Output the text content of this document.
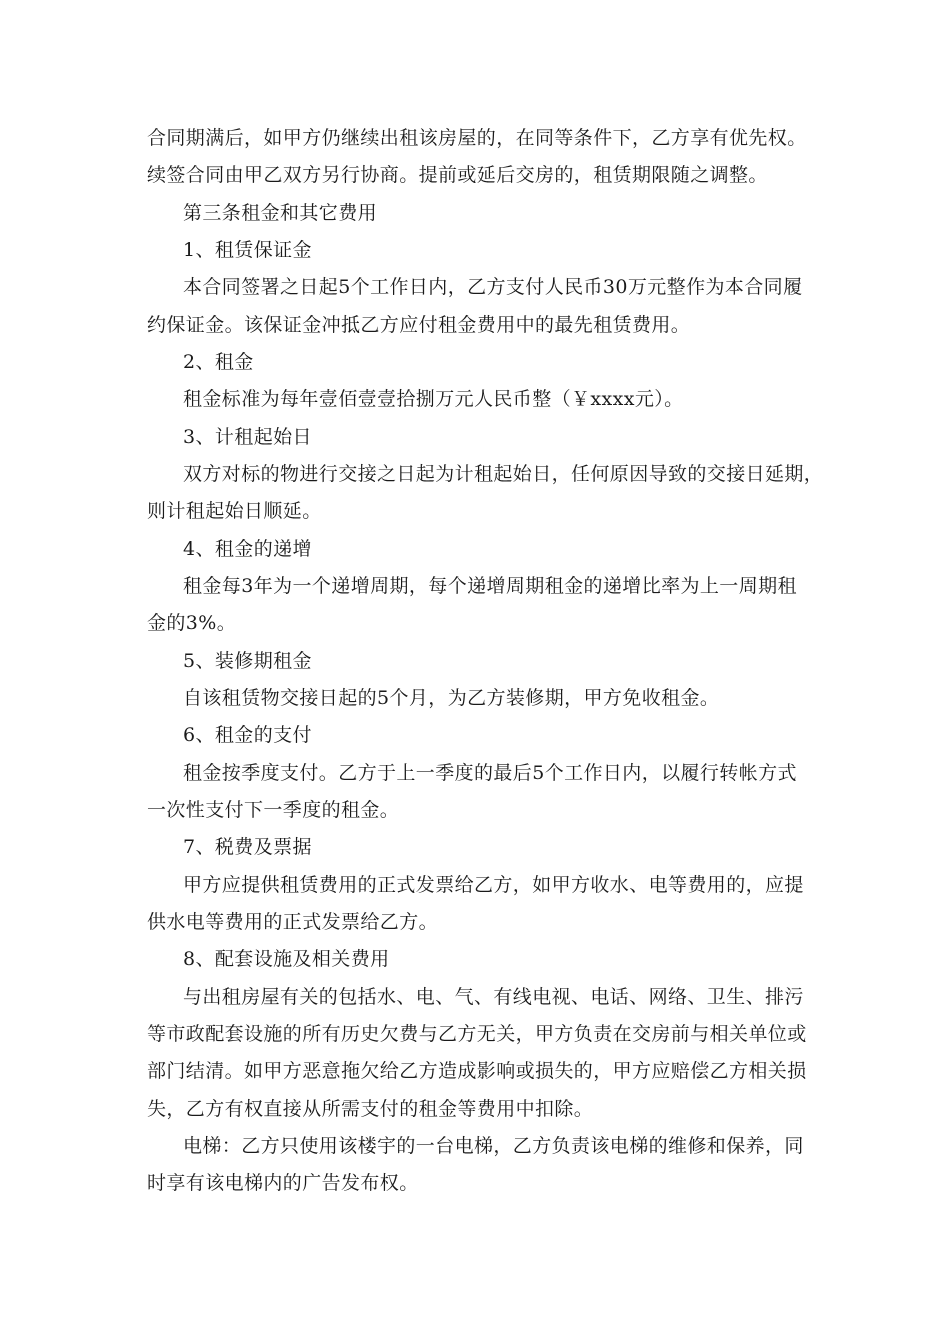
合同期满后，如甲方仍继续出租该房屋的，在同等条件下，乙方享有优先权。
续签合同由甲乙双方另行协商。提前或延后交房的，租赁期限随之调整。
第三条租金和其它费用
1、租赁保证金
本合同签署之日起5个工作日内，乙方支付人民币30万元整作为本合同履
约保证金。该保证金冲抵乙方应付租金费用中的最先租赁费用。
2、租金
租金标准为每年壹佰壹壹拾捌万元人民币整（￥xxxx元）。
3、计租起始日
双方对标的物进行交接之日起为计租起始日，任何原因导致的交接日延期，
则计租起始日顺延。
4、租金的递增
租金每3年为一个递增周期，每个递增周期租金的递增比率为上一周期租
金的3%。
5、装修期租金
自该租赁物交接日起的5个月，为乙方装修期，甲方免收租金。
6、租金的支付
租金按季度支付。乙方于上一季度的最后5个工作日内，以履行转帐方式
一次性支付下一季度的租金。
7、税费及票据
甲方应提供租赁费用的正式发票给乙方，如甲方收水、电等费用的，应提
供水电等费用的正式发票给乙方。
8、配套设施及相关费用
与出租房屋有关的包括水、电、气、有线电视、电话、网络、卫生、排污
等市政配套设施的所有历史欠费与乙方无关，甲方负责在交房前与相关单位或
部门结清。如甲方恶意拖欠给乙方造成影响或损失的，甲方应赔偿乙方相关损
失，乙方有权直接从所需支付的租金等费用中扣除。
电梯：乙方只使用该楼宇的一台电梯，乙方负责该电梯的维修和保养，同
时享有该电梯内的广告发布权。
